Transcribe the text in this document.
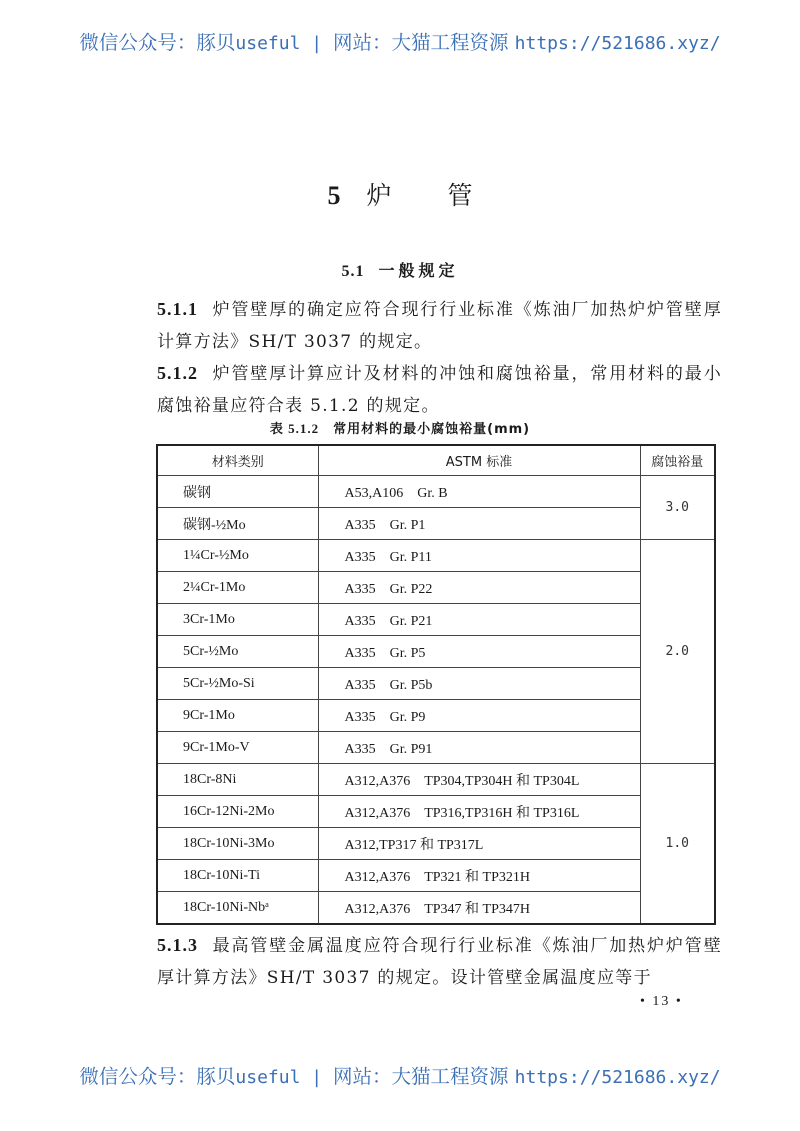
微信公众号：豚贝useful | 网站：大猫工程资源 https://521686.xyz/
5 炉 管
5.1 一般规定
5.1.1 炉管壁厚的确定应符合现行行业标准《炼油厂加热炉炉管壁厚计算方法》SH/T 3037 的规定。
5.1.2 炉管壁厚计算应计及材料的冲蚀和腐蚀裕量，常用材料的最小腐蚀裕量应符合表 5.1.2 的规定。
表 5.1.2 常用材料的最小腐蚀裕量(mm)
材料类别	ASTM 标准	腐蚀裕量
碳钢	A53,A106　Gr. B	3.0
碳钢-½Mo	A335　Gr. P1	
1¼Cr-½Mo	A335　Gr. P11	2.0
2¼Cr-1Mo	A335　Gr. P22	
3Cr-1Mo	A335　Gr. P21	
5Cr-½Mo	A335　Gr. P5	
5Cr-½Mo-Si	A335　Gr. P5b	
9Cr-1Mo	A335　Gr. P9	
9Cr-1Mo-V	A335　Gr. P91	
18Cr-8Ni	A312,A376　TP304,TP304H 和 TP304L	1.0
16Cr-12Ni-2Mo	A312,A376　TP316,TP316H 和 TP316L	
18Cr-10Ni-3Mo	A312,TP317 和 TP317L	
18Cr-10Ni-Ti	A312,A376　TP321 和 TP321H	
18Cr-10Ni-Nbᵃ	A312,A376　TP347 和 TP347H	
5.1.3 最高管壁金属温度应符合现行行业标准《炼油厂加热炉炉管壁厚计算方法》SH/T 3037 的规定。设计管壁金属温度应等于
• 13 •
微信公众号：豚贝useful | 网站：大猫工程资源 https://521686.xyz/
